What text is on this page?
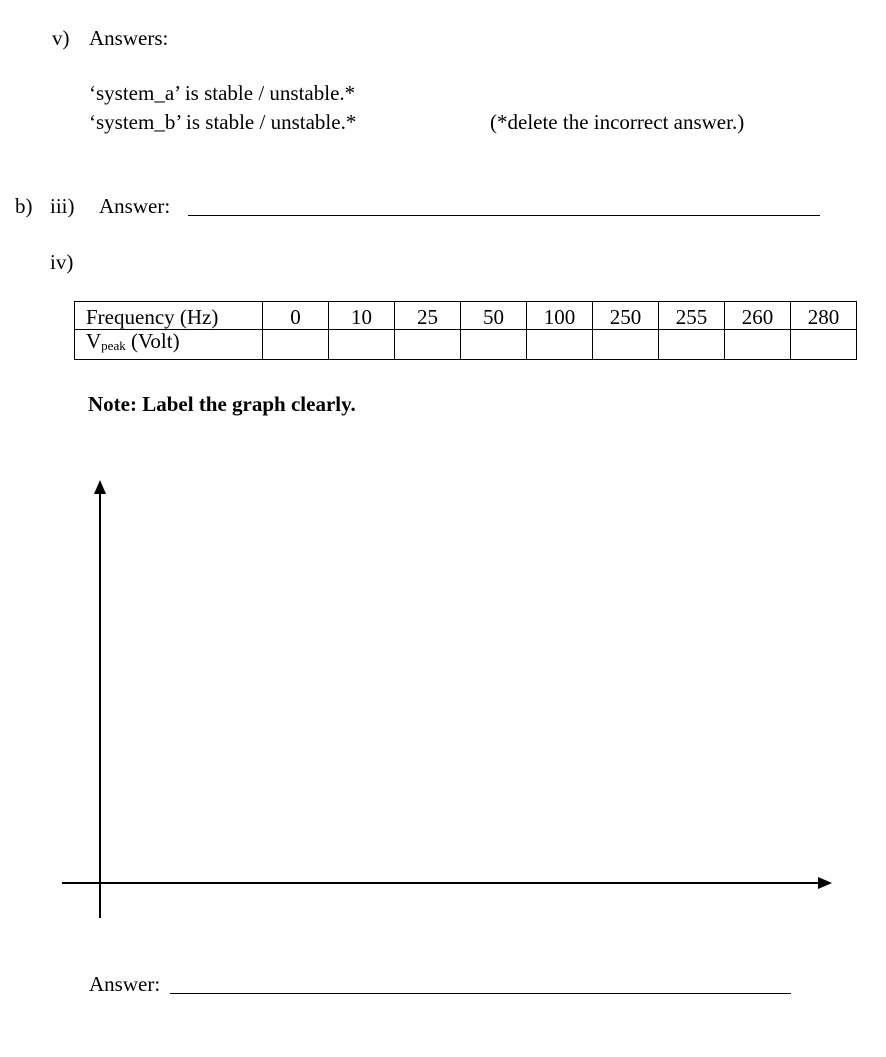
v) Answers:
‘system_a’ is stable / unstable.*
‘system_b’ is stable / unstable.*	(*delete the incorrect answer.)
b) iii) Answer:
iv)
Frequency (Hz)	0	10	25	50	100	250	255	260	280
$V_{peak}$ (Volt)									
Note: Label the graph clearly.
Answer:
